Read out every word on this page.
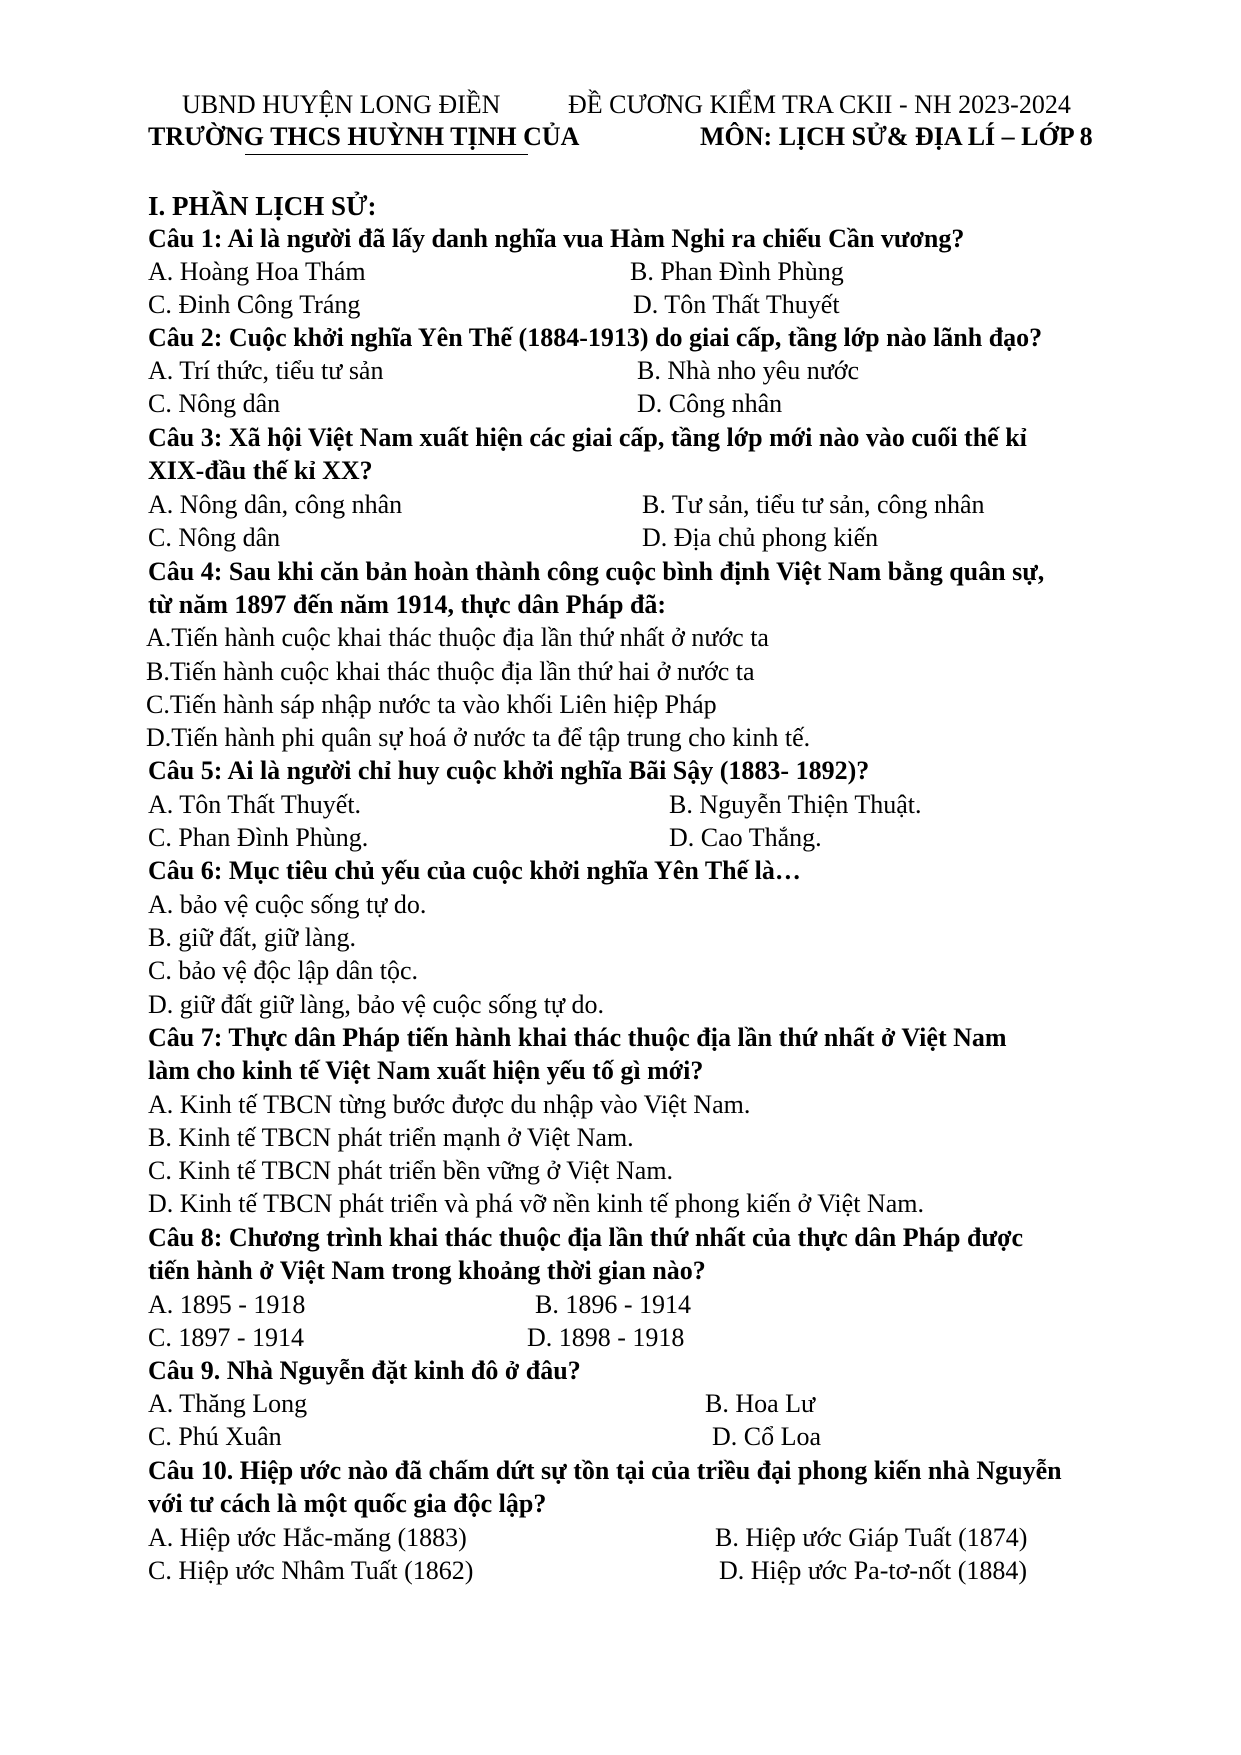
UBND HUYỆN LONG ĐIỀN	ĐỀ CƯƠNG KIỂM TRA CKII - NH 2023-2024
TRƯỜNG THCS HUỲNH TỊNH CỦA	MÔN: LỊCH SỬ& ĐỊA LÍ – LỚP 8
I. PHẦN LỊCH SỬ:
Câu 1: Ai là người đã lấy danh nghĩa vua Hàm Nghi ra chiếu Cần vương?
A. Hoàng Hoa Thám	B. Phan Đình Phùng
C. Đinh Công Tráng	D. Tôn Thất Thuyết
Câu 2: Cuộc khởi nghĩa Yên Thế (1884-1913) do giai cấp, tầng lớp nào lãnh đạo?
A. Trí thức, tiểu tư sản	B. Nhà nho yêu nước
C. Nông dân	D. Công nhân
Câu 3: Xã hội Việt Nam xuất hiện các giai cấp, tầng lớp mới nào vào cuối thế kỉ
XIX-đầu thế kỉ XX?
A. Nông dân, công nhân	B. Tư sản, tiểu tư sản, công nhân
C. Nông dân	D. Địa chủ phong kiến
Câu 4: Sau khi căn bản hoàn thành công cuộc bình định Việt Nam bằng quân sự,
từ năm 1897 đến năm 1914, thực dân Pháp đã:
A.Tiến hành cuộc khai thác thuộc địa lần thứ nhất ở nước ta
B.Tiến hành cuộc khai thác thuộc địa lần thứ hai ở nước ta
C.Tiến hành sáp nhập nước ta vào khối Liên hiệp Pháp
D.Tiến hành phi quân sự hoá ở nước ta để tập trung cho kinh tế.
Câu 5: Ai là người chỉ huy cuộc khởi nghĩa Bãi Sậy (1883- 1892)?
A. Tôn Thất Thuyết.	B. Nguyễn Thiện Thuật.
C. Phan Đình Phùng.	D. Cao Thắng.
Câu 6: Mục tiêu chủ yếu của cuộc khởi nghĩa Yên Thế là…
A. bảo vệ cuộc sống tự do.
B. giữ đất, giữ làng.
C. bảo vệ độc lập dân tộc.
D. giữ đất giữ làng, bảo vệ cuộc sống tự do.
Câu 7: Thực dân Pháp tiến hành khai thác thuộc địa lần thứ nhất ở Việt Nam
làm cho kinh tế Việt Nam xuất hiện yếu tố gì mới?
A. Kinh tế TBCN từng bước được du nhập vào Việt Nam.
B. Kinh tế TBCN phát triển mạnh ở Việt Nam.
C. Kinh tế TBCN phát triển bền vững ở Việt Nam.
D. Kinh tế TBCN phát triển và phá vỡ nền kinh tế phong kiến ở Việt Nam.
Câu 8: Chương trình khai thác thuộc địa lần thứ nhất của thực dân Pháp được
tiến hành ở Việt Nam trong khoảng thời gian nào?
A. 1895 - 1918	B. 1896 - 1914
C. 1897 - 1914	D. 1898 - 1918
Câu 9. Nhà Nguyễn đặt kinh đô ở đâu?
A. Thăng Long	B. Hoa Lư
C. Phú Xuân	D. Cổ Loa
Câu 10. Hiệp ước nào đã chấm dứt sự tồn tại của triều đại phong kiến nhà Nguyễn
với tư cách là một quốc gia độc lập?
A. Hiệp ước Hắc-măng (1883)	B. Hiệp ước Giáp Tuất (1874)
C. Hiệp ước Nhâm Tuất (1862)	D. Hiệp ước Pa-tơ-nốt (1884)
